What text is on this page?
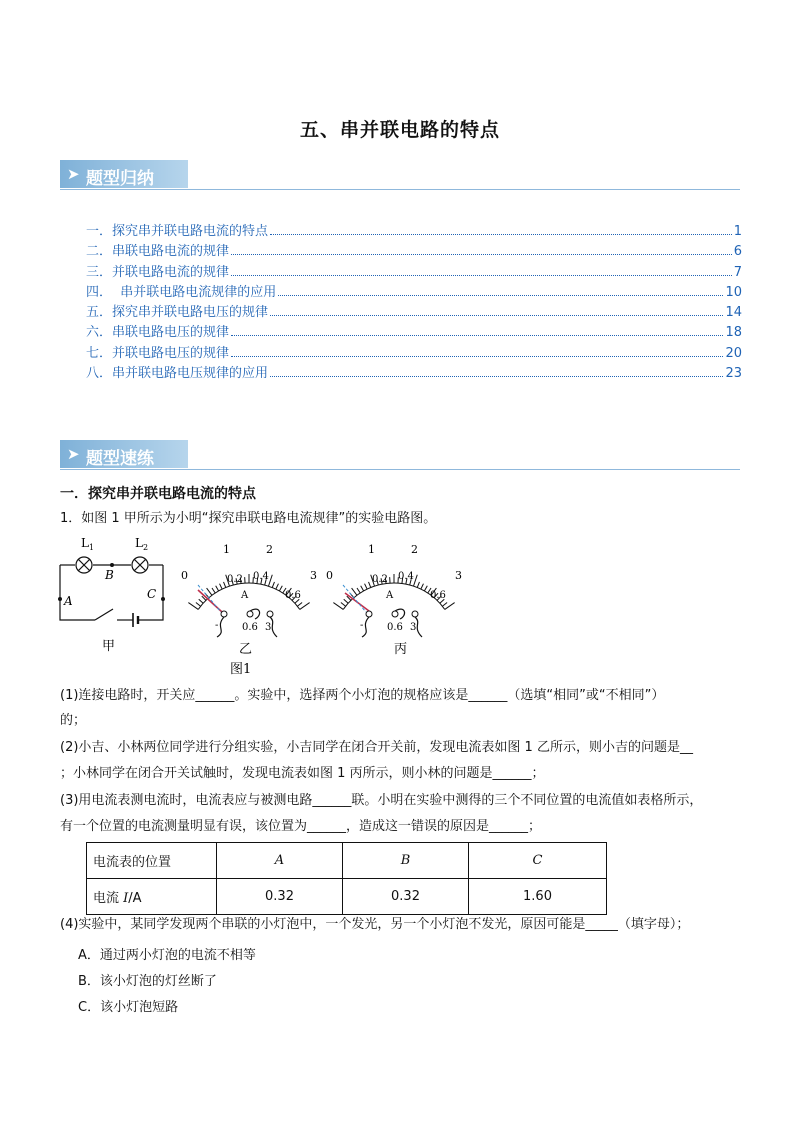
五、串并联电路的特点
➤ 题型归纳
一．探究串并联电路电流的特点	1
二．串联电路电流的规律	6
三．并联电路电流的规律	7
四．  串并联电路电流规律的应用	10
五．探究串并联电路电压的规律	14
六．串联电路电压的规律	18
七．并联电路电压的规律	20
八．串并联电路电压规律的应用	23
➤ 题型速练
一．探究串并联电路电流的特点
1．如图 1 甲所示为小明“探究串联电路电流规律”的实验电路图。
$L_1$	$L_2$
B
A	C
甲
0
1	2
3
0.2 0.4
0.6
A
0.6 3
-
乙
图1
0
1	2
3
0.2 0.4
0.6
A
0.6 3
-
丙
(1)连接电路时，开关应______。实验中，选择两个小灯泡的规格应该是______（选填“相同”或“不相同”）
的；
(2)小吉、小林两位同学进行分组实验，小吉同学在闭合开关前，发现电流表如图 1 乙所示，则小吉的问题是__
；小林同学在闭合开关试触时，发现电流表如图 1 丙所示，则小林的问题是______；
(3)用电流表测电流时，电流表应与被测电路______联。小明在实验中测得的三个不同位置的电流值如表格所示，
有一个位置的电流测量明显有误，该位置为______，造成这一错误的原因是______；
电流表的位置	A	B	C
电流 I/A	0.32	0.32	1.60
(4)实验中，某同学发现两个串联的小灯泡中，一个发光，另一个小灯泡不发光，原因可能是_____（填字母）；
A．通过两小灯泡的电流不相等
B．该小灯泡的灯丝断了
C．该小灯泡短路
